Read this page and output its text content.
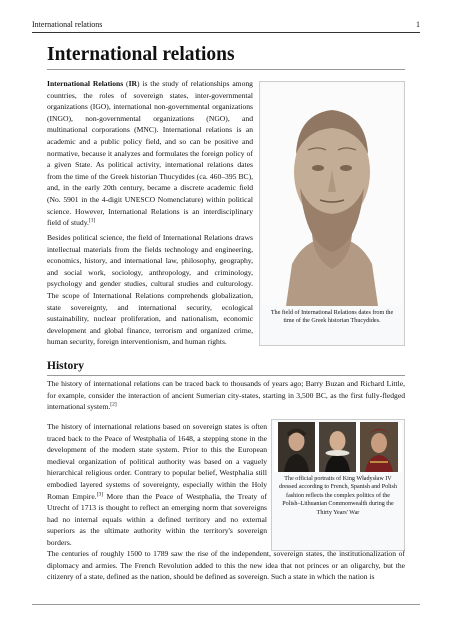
International relations	1
International relations

International Relations (IR) is the study of relationships among countries, the roles of sovereign states, inter-governmental organizations (IGO), international non-governmental organizations (INGO), non-governmental organizations (NGO), and multinational corporations (MNC). International relations is an academic and a public policy field, and so can be positive and normative, because it analyzes and formulates the foreign policy of a given State. As political activity, international relations dates from the time of the Greek historian Thucydides (ca. 460–395 BC), and, in the early 20th century, became a discrete academic field (No. 5901 in the 4-digit UNESCO Nomenclature) within political science. However, International Relations is an interdisciplinary field of study.[1]

Besides political science, the field of International Relations draws intellectual materials from the fields technology and engineering, economics, history, and international law, philosophy, geography, and social work, sociology, anthropology, and criminology, psychology and gender studies, cultural studies and culturology. The scope of International Relations comprehends globalization, state sovereignty, and international security, ecological sustainability, nuclear proliferation, and nationalism, economic development and global finance, terrorism and organized crime, human security, foreign interventionism, and human rights.

The field of International Relations dates from the time of the Greek historian Thucydides.
History

The history of international relations can be traced back to thousands of years ago; Barry Buzan and Richard Little, for example, consider the interaction of ancient Sumerian city-states, starting in 3,500 BC, as the first fully-fledged international system.[2]

The history of international relations based on sovereign states is often traced back to the Peace of Westphalia of 1648, a stepping stone in the development of the modern state system. Prior to this the European medieval organization of political authority was based on a vaguely hierarchical religious order. Contrary to popular belief, Westphalia still embodied layered systems of sovereignty, especially within the Holy Roman Empire.[3] More than the Peace of Westphalia, the Treaty of Utrecht of 1713 is thought to reflect an emerging norm that sovereigns had no internal equals within a defined territory and no external superiors as the ultimate authority within the territory's sovereign borders.

The official portraits of King Władysław IV dressed according to French, Spanish and Polish fashion reflects the complex politics of the Polish–Lithuanian Commonwealth during the Thirty Years' War

The centuries of roughly 1500 to 1789 saw the rise of the independent, sovereign states, the institutionalization of diplomacy and armies. The French Revolution added to this the new idea that not princes or an oligarchy, but the citizenry of a state, defined as the nation, should be defined as sovereign. Such a state in which the nation is
